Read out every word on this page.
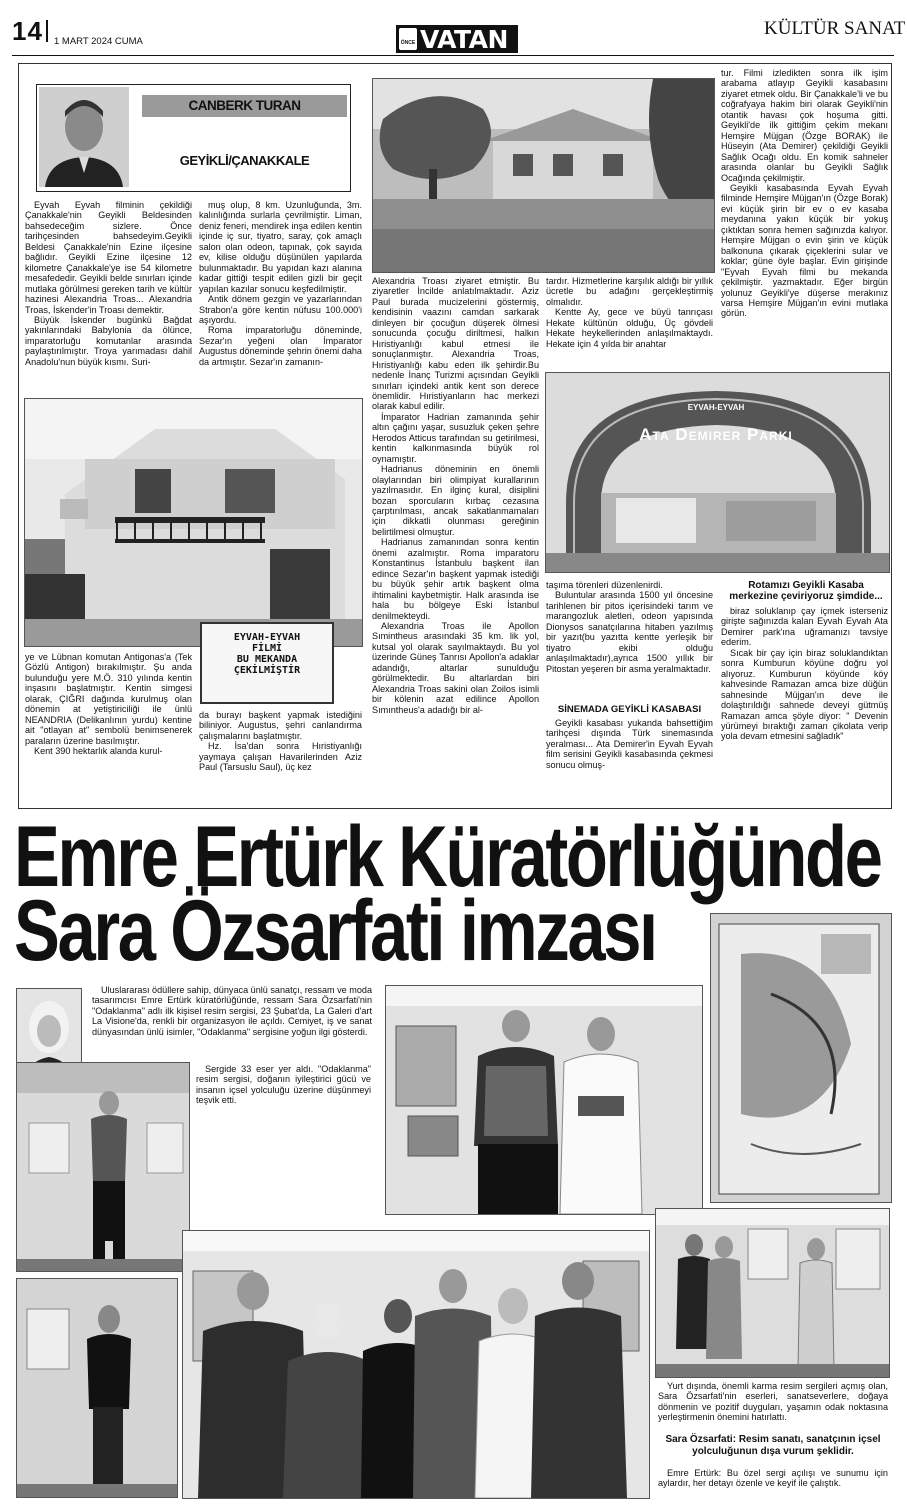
14 1 MART 2024 CUMA	ÖNCE VATAN	KÜLTÜR SANAT
CANBERK TURAN
GEYİKLİ/ÇANAKKALE

Eyvah Eyvah filminin çekildiği Çanakkale'nin Geyikli Beldesinden bahsedeceğim sizlere. Önce tarihçesinden bahsedeyim.Geyikli Beldesi Çanakkale'nin Ezine ilçesine bağlıdır. Geyikli Ezine ilçesine 12 kilometre Çanakkale'ye ise 54 kilometre mesafededir. Geyikli belde sınırları içinde mutlaka görülmesi gereken tarih ve kültür hazinesi Alexandria Troas... Alexandria Troas, İskender'in Troası demektir.

Büyük İskender bugünkü Bağdat yakınlarındaki Babylonia da ölünce, imparatorluğu komutanlar arasında paylaştırılmıştır. Troya yarımadası dahil Anadolu'nun büyük kısmı. Suri-

muş olup, 8 km. Uzunluğunda, 3m. kalınlığında surlarla çevrilmiştir. Liman, deniz feneri, mendirek inşa edilen kentin içinde iç sur, tiyatro, saray, çok amaçlı salon olan odeon, tapınak, çok sayıda ev, kilise olduğu düşünülen yapılarda bulunmaktadır. Bu yapıdan kazı alanına kadar gittiği tespit edilen gizli bir geçit yapılan kazılar sonucu keşfedilmiştir.

Antik dönem gezgin ve yazarlarından Strabon'a göre kentin nüfusu 100.000'i aşıyordu.

Roma imparatorluğu döneminde, Sezar'ın yeğeni olan İmparator Augustus döneminde şehrin önemi daha da artmıştır. Sezar'ın zamanın-

EYVAH-EYVAH
FİLMİ
BU MEKANDA
ÇEKİLMİŞTİR

ye ve Lübnan komutan Antigonas'a (Tek Gözlü Antigon) bırakılmıştır. Şu anda bulunduğu yere M.Ö. 310 yılında kentin inşasını başlatmıştır. Kentin simgesi olarak, ÇIĞRI dağında kurulmuş olan dönemin at yetiştiriciliği ile ünlü NEANDRIA (Delikanlının yurdu) kentine ait "otlayan at" sembolü benimsenerek paraların üzerine basılmıştır.

Kent 390 hektarlık alanda kurul-

da burayı başkent yapmak istediğini biliniyor. Augustus, şehri canlandırma çalışmalarını başlatmıştır.

Hz. İsa'dan sonra Hıristiyanlığı yaymaya çalışan Havarilerinden Aziz Paul (Tarsuslu Saul), üç kez

Alexandria Troası ziyaret etmiştir. Bu ziyaretler İncilde anlatılmaktadır. Aziz Paul burada mucizelerini göstermiş, kendisinin vaazını camdan sarkarak dinleyen bir çocuğun düşerek ölmesi sonucunda çocuğu diriltmesi, halkın Hıristiyanlığı kabul etmesi ile sonuçlanmıştır. Alexandria Troas, Hıristiyanlığı kabu eden ilk şehirdir.Bu nedenle İnanç Turizmi açısından Geyikli sınırları içindeki antik kent son derece önemlidir. Hıristiyanların hac merkezi olarak kabul edilir.

İmparator Hadrian zamanında şehir altın çağını yaşar, susuzluk çeken şehre Herodos Atticus tarafından su getirilmesi, kentin kalkınmasında büyük rol oynamıştır.

Hadrianus döneminin en önemli olaylarından biri olimpiyat kurallarının yazılmasıdır. En ilginç kural, disiplini bozan sporcuların kırbaç cezasına çarptırılması, ancak sakatlanmamaları için dikkatli olunması gereğinin belirtilmesi olmuştur.

Hadrianus zamanından sonra kentin önemi azalmıştır. Roma imparatoru Konstantinus İstanbulu başkent ilan edince Sezar'ın başkent yapmak istediği bu büyük şehir artık başkent olma ihtimalini kaybetmiştir. Halk arasında ise hala bu bölgeye Eski İstanbul denilmekteydi.

Alexandria Troas ile Apollon Sımintheus arasındaki 35 km. lik yol, kutsal yol olarak sayılmaktaydı. Bu yol üzerinde Güneş Tanrısı Apollon'a adaklar adandığı, altarlar sunulduğu görülmektedir. Bu altarlardan biri Alexandria Troas sakini olan Zoilos isimli bir kölenin azat edilince Apollon Sımıntheus'a adadığı bir al-

tardır. Hizmetlerine karşılık aldığı bir yıllık ücretle bu adağını gerçekleştirmiş olmalıdır.

Kentte Ay, gece ve büyü tanrıçası Hekate kültünün olduğu, Üç gövdeli Hekate heykellerinden anlaşılmaktaydı. Hekate için 4 yılda bir anahtar

tur. Filmi izledikten sonra ilk işim arabama atlayıp Geyikli kasabasını ziyaret etmek oldu. Bir Çanakkale'li ve bu coğrafyaya hakim biri olarak Geyikli'nin otantik havası çok hoşuma gitti. Geyikli'de ilk gittiğim çekim mekanı Hemşire Müjgan (Özge BORAK) ile Hüseyin (Ata Demirer) çekildiği Geyikli Sağlık Ocağı oldu. En komik sahneler arasında olanlar bu Geyikli Sağlık Ocağında çekilmiştir.

Geyikli kasabasında Eyvah Eyvah filminde Hemşire Müjgan'ın (Özge Borak) evi küçük şirin bir ev o ev kasaba meydanına yakın küçük bir yokuş çıktıktan sonra hemen sağınızda kalıyor. Hemşire Müjgan o evin şirin ve küçük balkonuna çıkarak çiçeklerini sular ve koklar; güne öyle başlar. Evin girişinde "Eyvah Eyvah filmi bu mekanda çekilmiştir. yazmaktadır. Eğer birgün yolunuz Geyikli'ye düşerse merakınız varsa Hemşire Müjgan'ın evini mutlaka görün.

EYVAH-EYVAH
Ata Demirer Parkı

taşıma törenleri düzenlenirdi.

Buluntular arasında 1500 yıl öncesine tarihlenen bir pitos içerisindeki tarım ve marangozluk aletleri, odeon yapısında Dionysos sanatçılarına hitaben yazılmış bir yazıt(bu yazıtta kentte yerleşik bir tiyatro ekibi olduğu anlaşılmaktadır),ayrıca 1500 yıllık bir Pitostan yeşeren bir asma yeralmaktadır.

SİNEMADA GEYİKLİ KASABASI

Geyikli kasabası yukanda bahsettiğim tarihçesi dışında Türk sinemasında yeralması... Ata Demirer'in Eyvah Eyvah film serisini Geyikli kasabasında çekmesi sonucu olmuş-

Rotamızı Geyikli Kasaba merkezine çeviriyoruz şimdide...

biraz soluklanıp çay içmek isterseniz girişte sağınızda kalan Eyvah Eyvah Ata Demirer park'ına uğramanızı tavsiye ederim.

Sıcak bir çay için biraz soluklandıktan sonra Kumburun köyüne doğru yol alıyoruz. Kumburun köyünde köy kahvesinde Ramazan amca bize düğün sahnesinde Müjgan'ın deve ile dolaştırıldığı sahnede deveyi gütmüş Ramazan amca şöyle diyor: " Devenin yürümeyi bıraktığı zaman çikolata verip yola devam etmesini sağladık"

Emre Ertürk Küratörlüğünde
Sara Özsarfati imzası

Uluslararası ödüllere sahip, dünyaca ünlü sanatçı, ressam ve moda tasarımcısı Emre Ertürk küratörlüğünde, ressam Sara Özsarfati'nin "Odaklanma" adlı ilk kişisel resim sergisi, 23 Şubat'da, La Galeri d'art La Visione'da, renkli bir organizasyon ile açıldı. Cemiyet, iş ve sanat dünyasından ünlü isimler, "Odaklanma" sergisine yoğun ilgi gösterdi.

Sergide 33 eser yer aldı. "Odaklanma" resim sergisi, doğanın iyileştirici gücü ve insanın içsel yolculuğu üzerine düşünmeyi teşvik etti.

Yurt dışında, önemli karma resim sergileri açmış olan, Sara Özsarfati'nin eserleri, sanatseverlere, doğaya dönmenin ve pozitif duyguları, yaşamın odak noktasına yerleştirmenin önemini hatırlattı.

Sara Özsarfati: Resim sanatı, sanatçının içsel yolculuğunun dışa vurum şeklidir.

Emre Ertürk: Bu özel sergi açılışı ve sunumu için aylardır, her detayı özenle ve keyif ile çalıştık.
